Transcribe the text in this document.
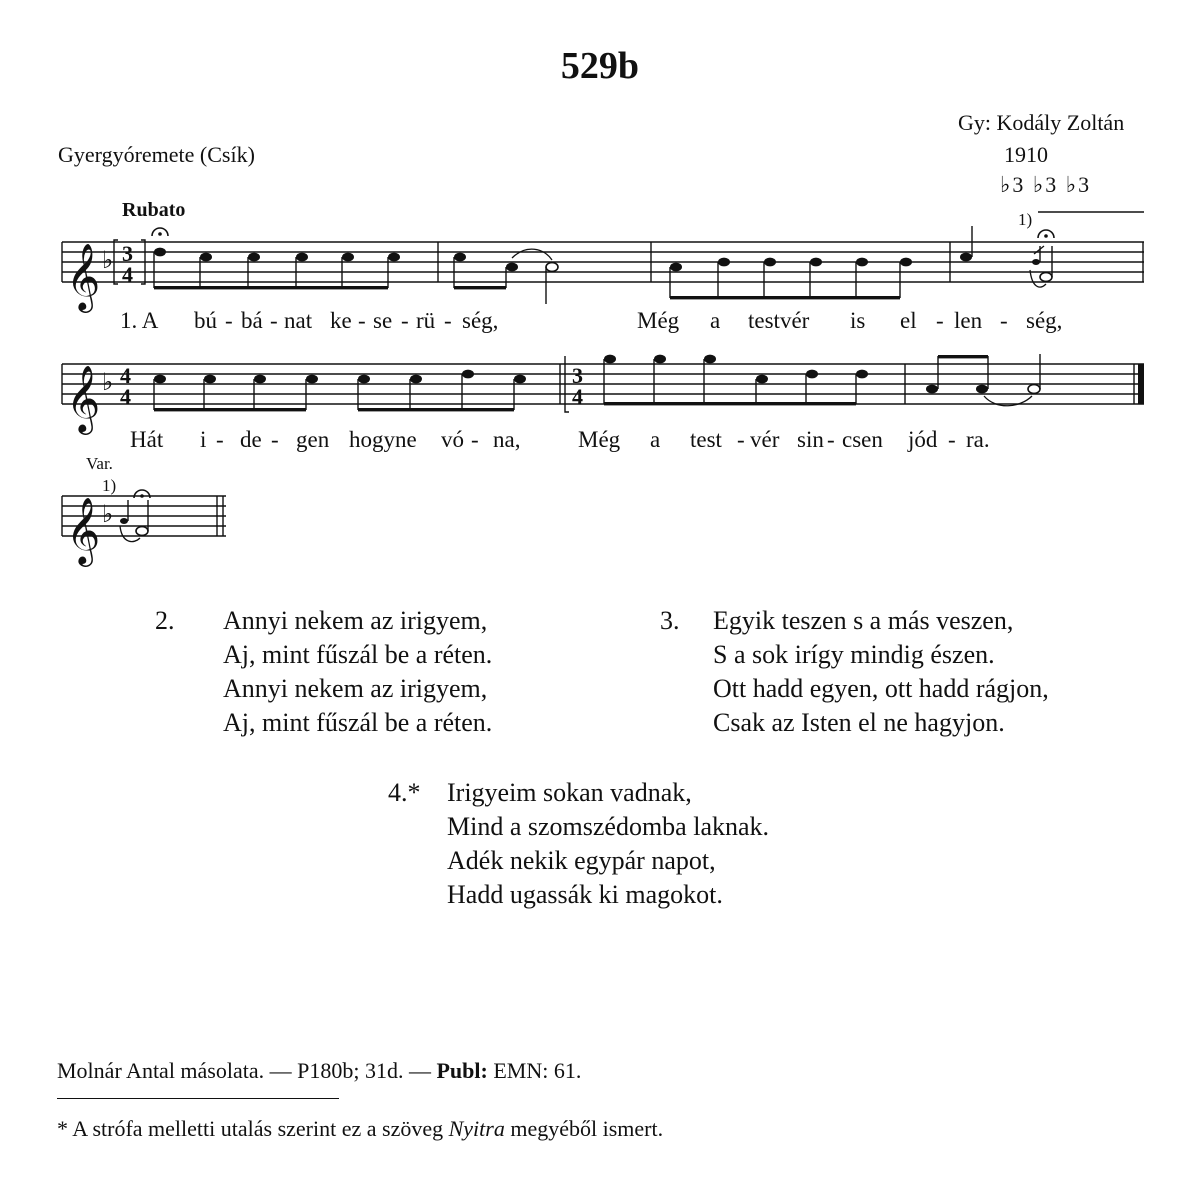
529b
Gyergyóremete (Csík)
Gy: Kodály Zoltán
1910
♭3 ♭3 ♭3
Rubato	1)
Var.
1)
𝄞
𝄞
𝄞
♭
♭
♭
3
4
4
4
3
4
1. A bú - bá - nat ke - se - rü - ség,	Még a testvér is el - len - ség,
Hát i - de - gen hogyne vó - na,	Még a test - vér sin - csen jód - ra.
2. Annyi nekem az irigyem,
Aj, mint fűszál be a réten.
Annyi nekem az irigyem,
Aj, mint fűszál be a réten.
3. Egyik teszen s a más veszen,
S a sok irígy mindig észen.
Ott hadd egyen, ott hadd rágjon,
Csak az Isten el ne hagyjon.
4.* Irigyeim sokan vadnak,
Mind a szomszédomba laknak.
Adék nekik egypár napot,
Hadd ugassák ki magokot.
Molnár Antal másolata. — P180b; 31d. — Publ: EMN: 61.
* A strófa melletti utalás szerint ez a szöveg Nyitra megyéből ismert.
